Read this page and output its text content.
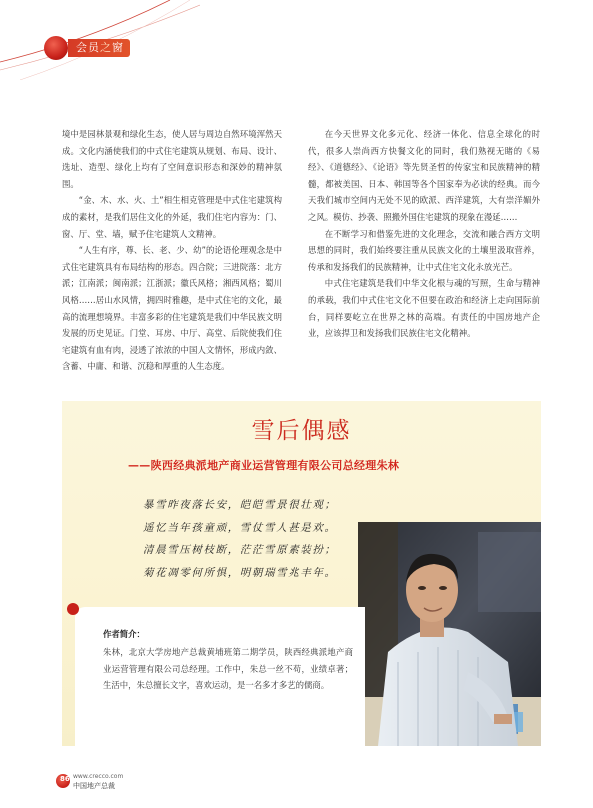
会员之窗

境中是园林景观和绿化生态，使人居与周边自然环境浑然天成。文化内涵使我们的中式住宅建筑从规划、布局、设计、选址、造型、绿化上均有了空间意识形态和深妙的精神氛围。

“金、木、水、火、土”相生相克管理是中式住宅建筑构成的素材，是我们居住文化的外延，我们住宅内容为：门、窗、厅、堂、墙，赋予住宅建筑人文精神。

“人生有序，尊、长、老、少、幼”的论语伦理观念是中式住宅建筑具有布局结构的形态。四合院；三进院落：北方派；江南派；闽南派；江浙派；徽氏风格；湘西风格；蜀川风格……居山水风情，拥四时雅趣，是中式住宅的文化，最高的流理想境界。丰富多彩的住宅建筑是我们中华民族文明发展的历史见证。门堂、耳房、中厅、高堂、后院使我们住宅建筑有血有肉，浸透了浓浓的中国人文情怀，形成内敛、含蓄、中庸、和谐、沉稳和厚重的人生态度。

在今天世界文化多元化、经济一体化、信息全球化的时代，很多人崇尚西方快餐文化的同时，我们熟视无睹的《易经》、《道德经》、《论语》等先贤圣哲的传家宝和民族精神的精髓，都被美国、日本、韩国等各个国家奉为必读的经典。而今天我们城市空间内无处不见的欧派、西洋建筑，大有崇洋媚外之风。模仿、抄袭、照搬外国住宅建筑的现象在漫延……

在不断学习和借鉴先进的文化理念，交流和融合西方文明思想的同时，我们始终要注重从民族文化的土壤里汲取营养，传承和发扬我们的民族精神，让中式住宅文化永放光芒。

中式住宅建筑是我们中华文化根与魂的写照，生命与精神的承载，我们中式住宅文化不但要在政治和经济上走向国际前台，同样要屹立在世界之林的高端。有责任的中国房地产企业，应该捍卫和发扬我们民族住宅文化精神。

雪后偶感
——陕西经典派地产商业运营管理有限公司总经理朱林
暴雪昨夜落长安，皑皑雪景很壮观；
遥忆当年孩童顽，雪仗雪人甚是欢。
清晨雪压树枝断，茫茫雪原素装扮；
菊花凋零何所惧，明朝瑞雪兆丰年。
作者简介：
朱林，北京大学房地产总裁黄埔班第二期学员，陕西经典派地产商业运营管理有限公司总经理。工作中，朱总一丝不苟，业绩卓著；生活中，朱总擅长文字，喜欢运动，是一名多才多艺的儒商。
86 www.crecco.com
中国地产总裁
